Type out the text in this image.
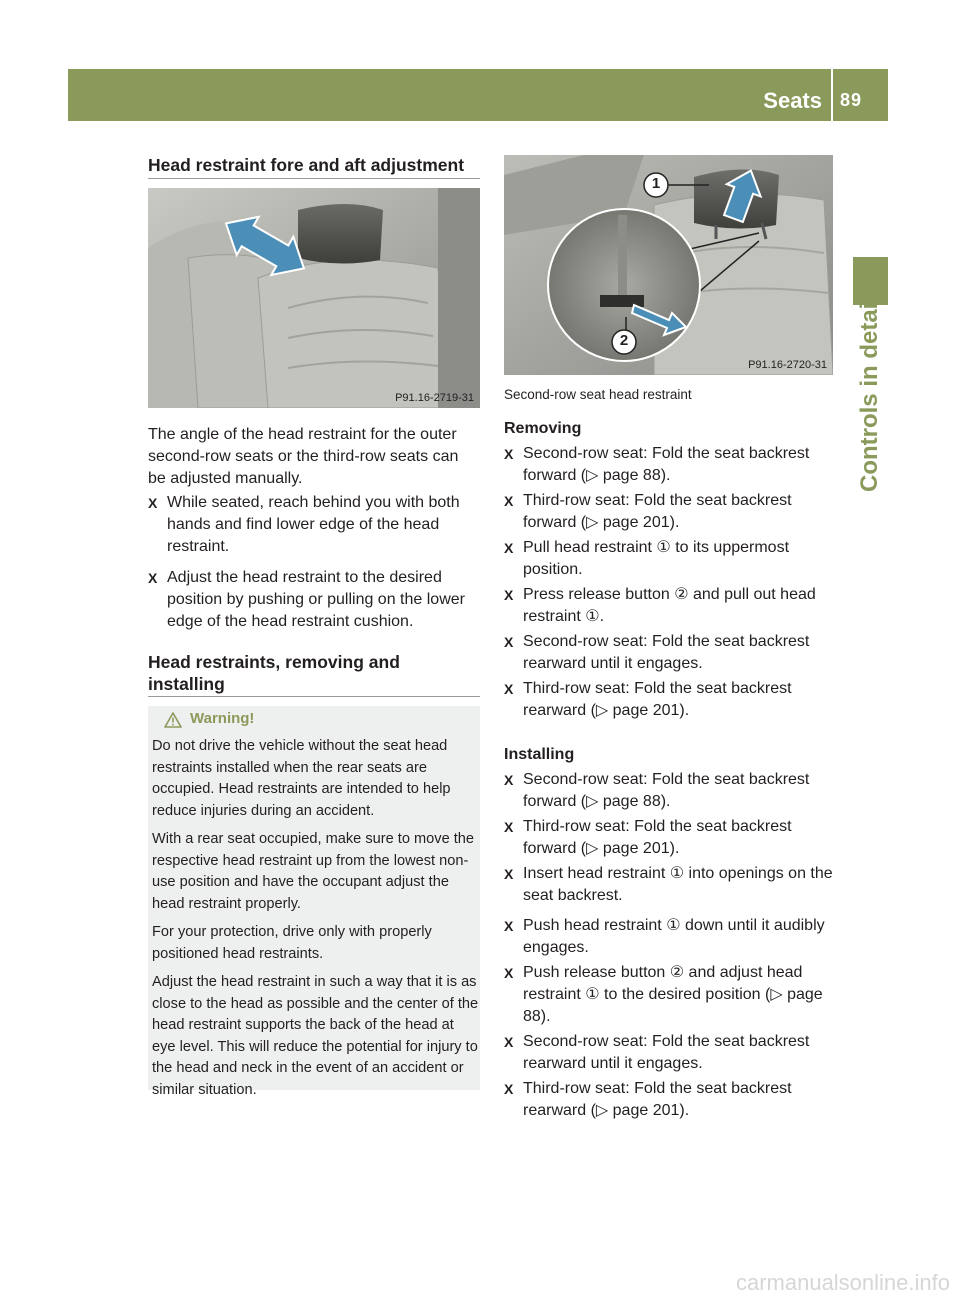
Seats 89
Controls in detail
Head restraint fore and aft adjustment
P91.16-2719-31

The angle of the head restraint for the outer second-row seats or the third-row seats can be adjusted manually.

X While seated, reach behind you with both hands and find lower edge of the head restraint.
X Adjust the head restraint to the desired position by pushing or pulling on the lower edge of the head restraint cushion.
Head restraints, removing and
installing
Warning!

Do not drive the vehicle without the seat head restraints installed when the rear seats are occupied. Head restraints are intended to help reduce injuries during an accident.

With a rear seat occupied, make sure to move the respective head restraint up from the lowest non-use position and have the occupant adjust the head restraint properly.

For your protection, drive only with properly positioned head restraints.

Adjust the head restraint in such a way that it is as close to the head as possible and the center of the head restraint supports the back of the head at eye level. This will reduce the potential for injury to the head and neck in the event of an accident or similar situation.

1
2
P91.16-2720-31
Second-row seat head restraint
Removing
X Second-row seat: Fold the seat backrest forward (▷ page 88).
X Third-row seat: Fold the seat backrest forward (▷ page 201).
X Pull head restraint ① to its uppermost position.
X Press release button ② and pull out head restraint ①.
X Second-row seat: Fold the seat backrest rearward until it engages.
X Third-row seat: Fold the seat backrest rearward (▷ page 201).
Installing
X Second-row seat: Fold the seat backrest forward (▷ page 88).
X Third-row seat: Fold the seat backrest forward (▷ page 201).
X Insert head restraint ① into openings on the seat backrest.
X Push head restraint ① down until it audibly engages.
X Push release button ② and adjust head restraint ① to the desired position (▷ page 88).
X Second-row seat: Fold the seat backrest rearward until it engages.
X Third-row seat: Fold the seat backrest rearward (▷ page 201).
carmanualsonline.info
